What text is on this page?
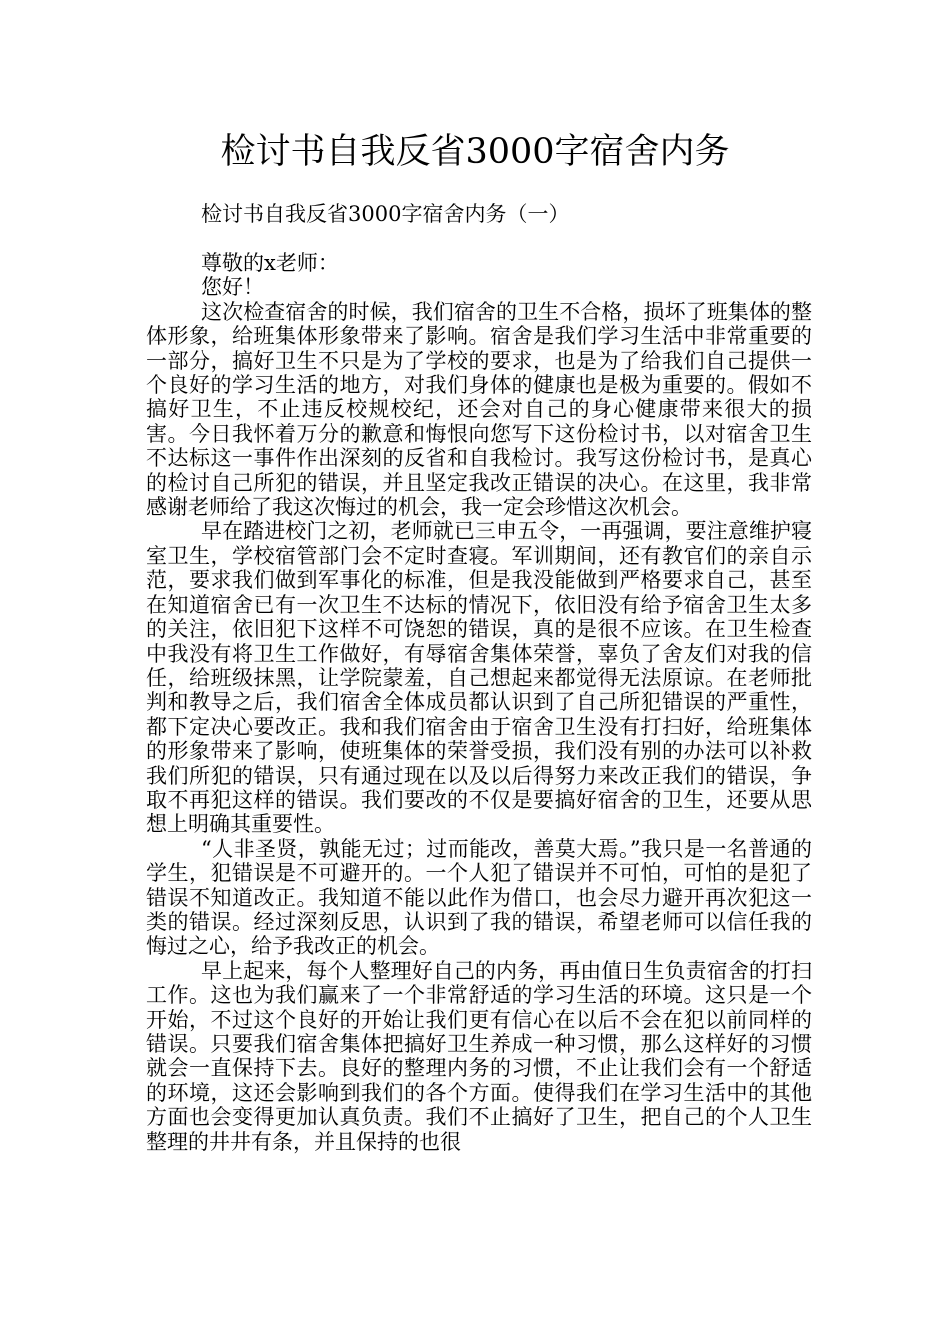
检讨书自我反省3000字宿舍内务
检讨书自我反省3000字宿舍内务（一）

尊敬的x老师：

您好！

这次检查宿舍的时候，我们宿舍的卫生不合格，损坏了班集体的整体形象，给班集体形象带来了影响。宿舍是我们学习生活中非常重要的一部分，搞好卫生不只是为了学校的要求，也是为了给我们自己提供一个良好的学习生活的地方，对我们身体的健康也是极为重要的。假如不搞好卫生，不止违反校规校纪，还会对自己的身心健康带来很大的损害。今日我怀着万分的歉意和悔恨向您写下这份检讨书，以对宿舍卫生不达标这一事件作出深刻的反省和自我检讨。我写这份检讨书，是真心的检讨自己所犯的错误，并且坚定我改正错误的决心。在这里，我非常感谢老师给了我这次悔过的机会，我一定会珍惜这次机会。

早在踏进校门之初，老师就已三申五令，一再强调，要注意维护寝室卫生，学校宿管部门会不定时查寝。军训期间，还有教官们的亲自示范，要求我们做到军事化的标准，但是我没能做到严格要求自己，甚至在知道宿舍已有一次卫生不达标的情况下，依旧没有给予宿舍卫生太多的关注，依旧犯下这样不可饶恕的错误，真的是很不应该。在卫生检查中我没有将卫生工作做好，有辱宿舍集体荣誉，辜负了舍友们对我的信任，给班级抹黑，让学院蒙羞，自己想起来都觉得无法原谅。在老师批判和教导之后，我们宿舍全体成员都认识到了自己所犯错误的严重性，都下定决心要改正。我和我们宿舍由于宿舍卫生没有打扫好，给班集体的形象带来了影响，使班集体的荣誉受损，我们没有别的办法可以补救我们所犯的错误，只有通过现在以及以后得努力来改正我们的错误，争取不再犯这样的错误。我们要改的不仅是要搞好宿舍的卫生，还要从思想上明确其重要性。

“人非圣贤，孰能无过；过而能改，善莫大焉。”我只是一名普通的学生，犯错误是不可避开的。一个人犯了错误并不可怕，可怕的是犯了错误不知道改正。我知道不能以此作为借口，也会尽力避开再次犯这一类的错误。经过深刻反思，认识到了我的错误，希望老师可以信任我的悔过之心，给予我改正的机会。

早上起来，每个人整理好自己的内务，再由值日生负责宿舍的打扫工作。这也为我们赢来了一个非常舒适的学习生活的环境。这只是一个开始，不过这个良好的开始让我们更有信心在以后不会在犯以前同样的错误。只要我们宿舍集体把搞好卫生养成一种习惯，那么这样好的习惯就会一直保持下去。良好的整理内务的习惯，不止让我们会有一个舒适的环境，这还会影响到我们的各个方面。使得我们在学习生活中的其他方面也会变得更加认真负责。我们不止搞好了卫生，把自己的个人卫生整理的井井有条，并且保持的也很
